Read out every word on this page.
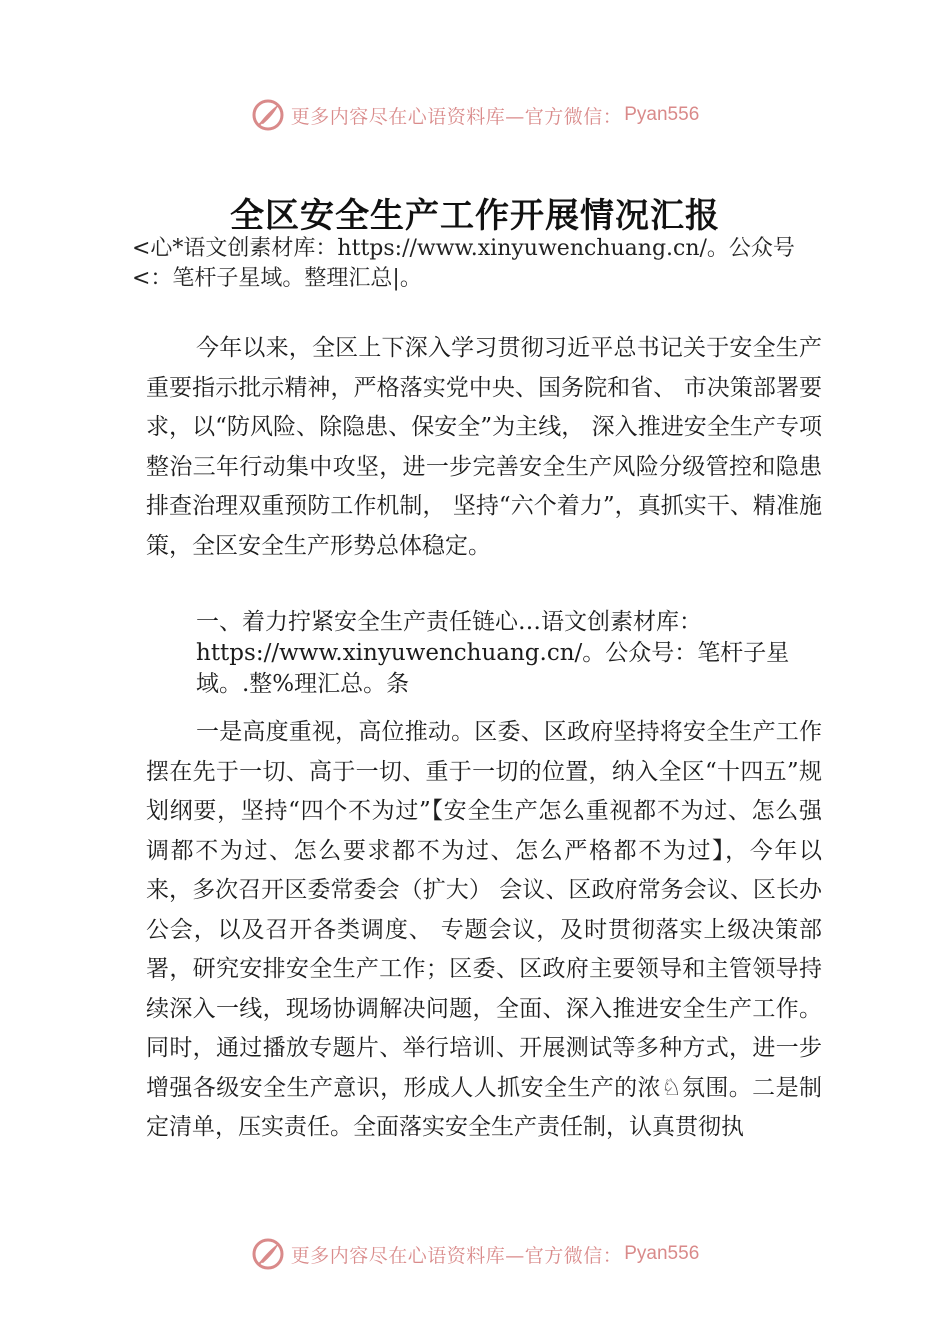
更多内容尽在心语资料库—官方微信： Pyan556
全区安全生产工作开展情况汇报

<心*语文创素材库：https://www.xinyuwenchuang.cn/。公众号<：笔杆子星域。整理汇总|。

今年以来，全区上下深入学习贯彻习近平总书记关于安全生产重要指示批示精神，严格落实党中央、国务院和省、 市决策部署要求，以“防风险、除隐患、保安全”为主线， 深入推进安全生产专项整治三年行动集中攻坚，进一步完善安全生产风险分级管控和隐患排查治理双重预防工作机制， 坚持“六个着力”，真抓实干、精准施策，全区安全生产形势总体稳定。

一、着力拧紧安全生产责任链心…语文创素材库：https://www.xinyuwenchuang.cn/。公众号：笔杆子星域。.整%理汇总。条

一是高度重视，高位推动。区委、区政府坚持将安全生产工作摆在先于一切、高于一切、重于一切的位置，纳入全区“十四五”规划纲要，坚持“四个不为过”【安全生产怎么重视都不为过、怎么强调都不为过、怎么要求都不为过、怎么严格都不为过】，今年以来，多次召开区委常委会（扩大） 会议、区政府常务会议、区长办公会，以及召开各类调度、 专题会议，及时贯彻落实上级决策部署，研究安排安全生产工作；区委、区政府主要领导和主管领导持续深入一线，现场协调解决问题，全面、深入推进安全生产工作。同时，通过播放专题片、举行培训、开展测试等多种方式，进一步增强各级安全生产意识，形成人人抓安全生产的浓♘氛围。二是制定清单，压实责任。全面落实安全生产责任制，认真贯彻执

更多内容尽在心语资料库—官方微信： Pyan556
